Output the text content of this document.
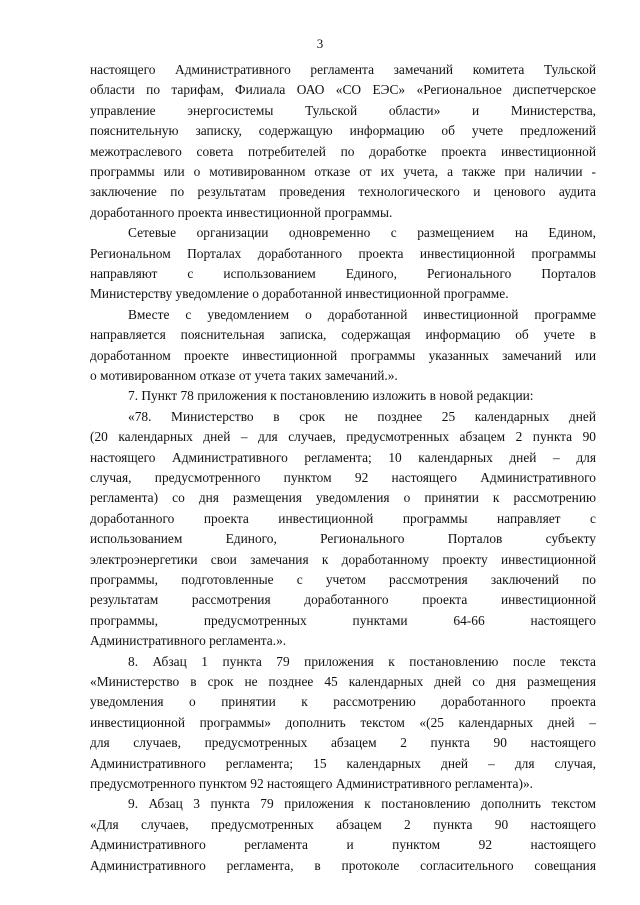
3
настоящего Административного регламента замечаний комитета Тульской
области по тарифам, Филиала ОАО «СО ЕЭС» «Региональное диспетчерское
управление энергосистемы Тульской области» и Министерства,
пояснительную записку, содержащую информацию об учете предложений
межотраслевого совета потребителей по доработке проекта инвестиционной
программы или о мотивированном отказе от их учета, а также при наличии -
заключение по результатам проведения технологического и ценового аудита
доработанного проекта инвестиционной программы.
Сетевые организации одновременно с размещением на Едином,
Региональном Порталах доработанного проекта инвестиционной программы
направляют с использованием Единого, Регионального Порталов
Министерству уведомление о доработанной инвестиционной программе.
Вместе с уведомлением о доработанной инвестиционной программе
направляется пояснительная записка, содержащая информацию об учете в
доработанном проекте инвестиционной программы указанных замечаний или
о мотивированном отказе от учета таких замечаний.».
7. Пункт 78 приложения к постановлению изложить в новой редакции:
«78. Министерство в срок не позднее 25 календарных дней
(20 календарных дней – для случаев, предусмотренных абзацем 2 пункта 90
настоящего Административного регламента; 10 календарных дней – для
случая, предусмотренного пунктом 92 настоящего Административного
регламента) со дня размещения уведомления о принятии к рассмотрению
доработанного проекта инвестиционной программы направляет с
использованием Единого, Регионального Порталов субъекту
электроэнергетики свои замечания к доработанному проекту инвестиционной
программы, подготовленные с учетом рассмотрения заключений по
результатам рассмотрения доработанного проекта инвестиционной
программы, предусмотренных пунктами 64-66 настоящего
Административного регламента.».
8. Абзац 1 пункта 79 приложения к постановлению после текста
«Министерство в срок не позднее 45 календарных дней со дня размещения
уведомления о принятии к рассмотрению доработанного проекта
инвестиционной программы» дополнить текстом «(25 календарных дней –
для случаев, предусмотренных абзацем 2 пункта 90 настоящего
Административного регламента; 15 календарных дней – для случая,
предусмотренного пунктом 92 настоящего Административного регламента)».
9. Абзац 3 пункта 79 приложения к постановлению дополнить текстом
«Для случаев, предусмотренных абзацем 2 пункта 90 настоящего
Административного регламента и пунктом 92 настоящего
Административного регламента, в протоколе согласительного совещания
